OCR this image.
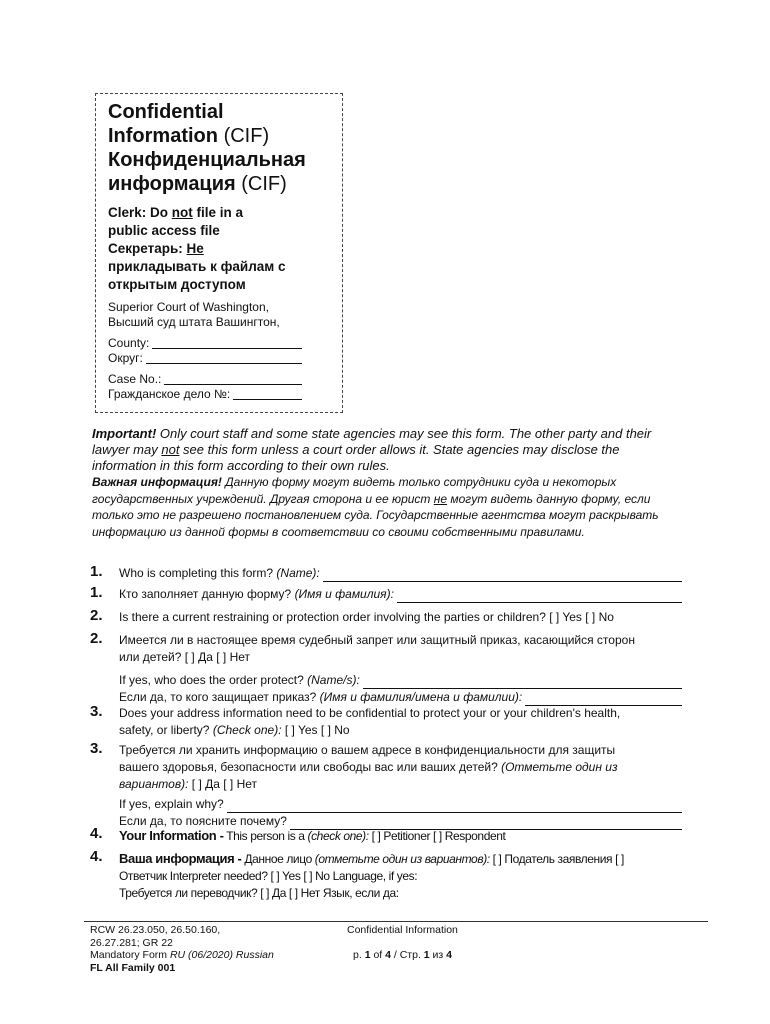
Confidential
Information (CIF)
Конфиденциальная
информация (CIF)
Clerk: Do not file in a public access file
Секретарь: Не прикладывать к файлам с открытым доступом
Superior Court of Washington,
Высший суд штата Вашингтон,
County:
Округ:
Case No.:
Гражданское дело №:
Important! Only court staff and some state agencies may see this form. The other party and their lawyer may not see this form unless a court order allows it. State agencies may disclose the information in this form according to their own rules.
Важная информация! Данную форму могут видеть только сотрудники суда и некоторых государственных учреждений. Другая сторона и ее юрист не могут видеть данную форму, если только это не разрешено постановлением суда. Государственные агентства могут раскрывать информацию из данной формы в соответствии со своими собственными правилами.
1. Who is completing this form?
(Name):
1. Кто заполняет данную форму?
(Имя и фамилия):
2. Is there a current restraining or protection order involving the parties or children? [ ] Yes [ ] No
2. Имеется ли в настоящее время судебный запрет или защитный приказ, касающийся сторон
или детей? [ ] Да [ ] Нет
If yes, who does the order protect?
(Name/s):
Если да, то кого защищает приказ?
(Имя и фамилия/имена и фамилии):
3. Does your address information need to be confidential to protect your or your children's health,
safety, or liberty? (Check one): [ ] Yes [ ] No
3. Требуется ли хранить информацию о вашем адресе в конфиденциальности для защиты
вашего здоровья, безопасности или свободы вас или ваших детей? (Отметьте один из
вариантов): [ ] Да [ ] Нет
If yes, explain why?
Если да, то поясните почему?
4. Your Information - This person is a (check one): [ ] Petitioner [ ] Respondent
4. Ваша информация - Данное лицо (отметьте один из вариантов): [ ] Податель заявления [ ]
Ответчик Interpreter needed? [ ] Yes [ ] No Language, if yes:
Требуется ли переводчик? [ ] Да [ ] Нет Язык, если да:
RCW 26.23.050, 26.50.160,
26.27.281; GR 22
Mandatory Form RU (06/2020) Russian
FL All Family 001
Confidential Information
p. 1 of 4 / Стр. 1 из 4
